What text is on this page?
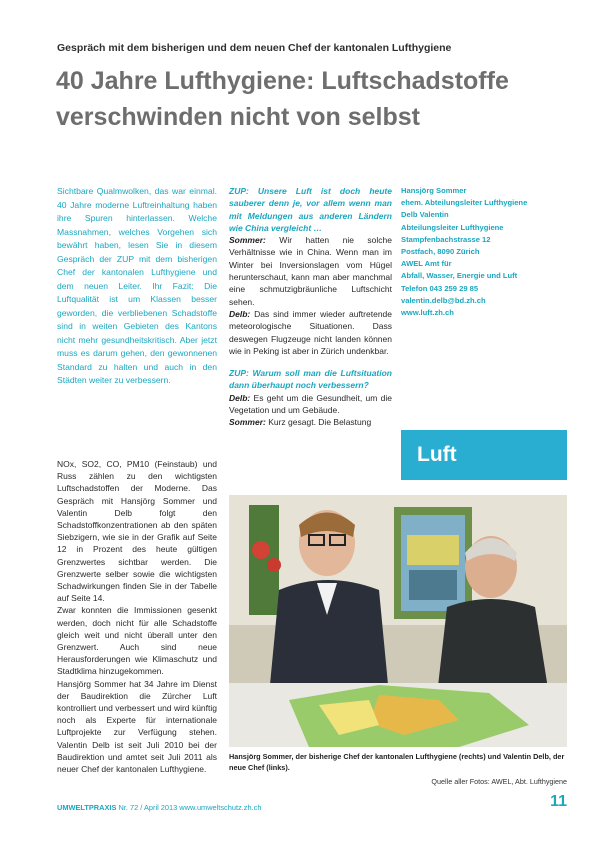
Gespräch mit dem bisherigen und dem neuen Chef der kantonalen Lufthygiene
40 Jahre Lufthygiene: Luftschadstoffe
verschwinden nicht von selbst
Sichtbare Qualmwolken, das war einmal. 40 Jahre moderne Luftreinhaltung haben ihre Spuren hinterlassen. Welche Massnahmen, welches Vorgehen sich bewährt haben, lesen Sie in diesem Gespräch der ZUP mit dem bisherigen Chef der kantonalen Lufthygiene und dem neuen Leiter. Ihr Fazit: Die Luftqualität ist um Klassen besser geworden, die verbliebenen Schadstoffe sind in weiten Gebieten des Kantons nicht mehr gesundheitskritisch. Aber jetzt muss es darum gehen, den gewonnenen Standard zu halten und auch in den Städten weiter zu verbessern.

NOx, SO2, CO, PM10 (Feinstaub) und Russ zählen zu den wichtigsten Luftschadstoffen der Moderne. Das Gespräch mit Hansjörg Sommer und Valentin Delb folgt den Schadstoffkonzentrationen ab den späten Siebzigern, wie sie in der Grafik auf Seite 12 in Prozent des heute gültigen Grenzwertes sichtbar werden. Die Grenzwerte selber sowie die wichtigsten Schadwirkungen finden Sie in der Tabelle auf Seite 14.

Zwar konnten die Immissionen gesenkt werden, doch nicht für alle Schadstoffe gleich weit und nicht überall unter den Grenzwert. Auch sind neue Herausforderungen wie Klimaschutz und Stadtklima hinzugekommen.

Hansjörg Sommer hat 34 Jahre im Dienst der Baudirektion die Zürcher Luft kontrolliert und verbessert und wird künftig noch als Experte für internationale Luftprojekte zur Verfügung stehen. Valentin Delb ist seit Juli 2010 bei der Baudirektion und amtet seit Juli 2011 als neuer Chef der kantonalen Lufthygiene.

ZUP: Unsere Luft ist doch heute sauberer denn je, vor allem wenn man mit Meldungen aus anderen Ländern wie China vergleicht …

Sommer: Wir hatten nie solche Verhältnisse wie in China. Wenn man im Winter bei Inversionslagen vom Hügel herunterschaut, kann man aber manchmal eine schmutzigbräunliche Luftschicht sehen.

Delb: Das sind immer wieder auftretende meteorologische Situationen. Dass deswegen Flugzeuge nicht landen können wie in Peking ist aber in Zürich undenkbar.

ZUP: Warum soll man die Luftsituation dann überhaupt noch verbessern?

Delb: Es geht um die Gesundheit, um die Vegetation und um Gebäude.

Sommer: Kurz gesagt. Die Belastung

Hansjörg Sommer
ehem. Abteilungsleiter Lufthygiene
Delb Valentin
Abteilungsleiter Lufthygiene
Stampfenbachstrasse 12
Postfach, 8090 Zürich
AWEL Amt für
Abfall, Wasser, Energie und Luft
Telefon 043 259 29 85
valentin.delb@bd.zh.ch
www.luft.zh.ch
Luft
Hansjörg Sommer, der bisherige Chef der kantonalen Lufthygiene (rechts) und Valentin Delb, der neue Chef (links).
Quelle aller Fotos: AWEL, Abt. Lufthygiene
UMWELTPRAXIS Nr. 72 / April 2013 www.umweltschutz.zh.ch	11
